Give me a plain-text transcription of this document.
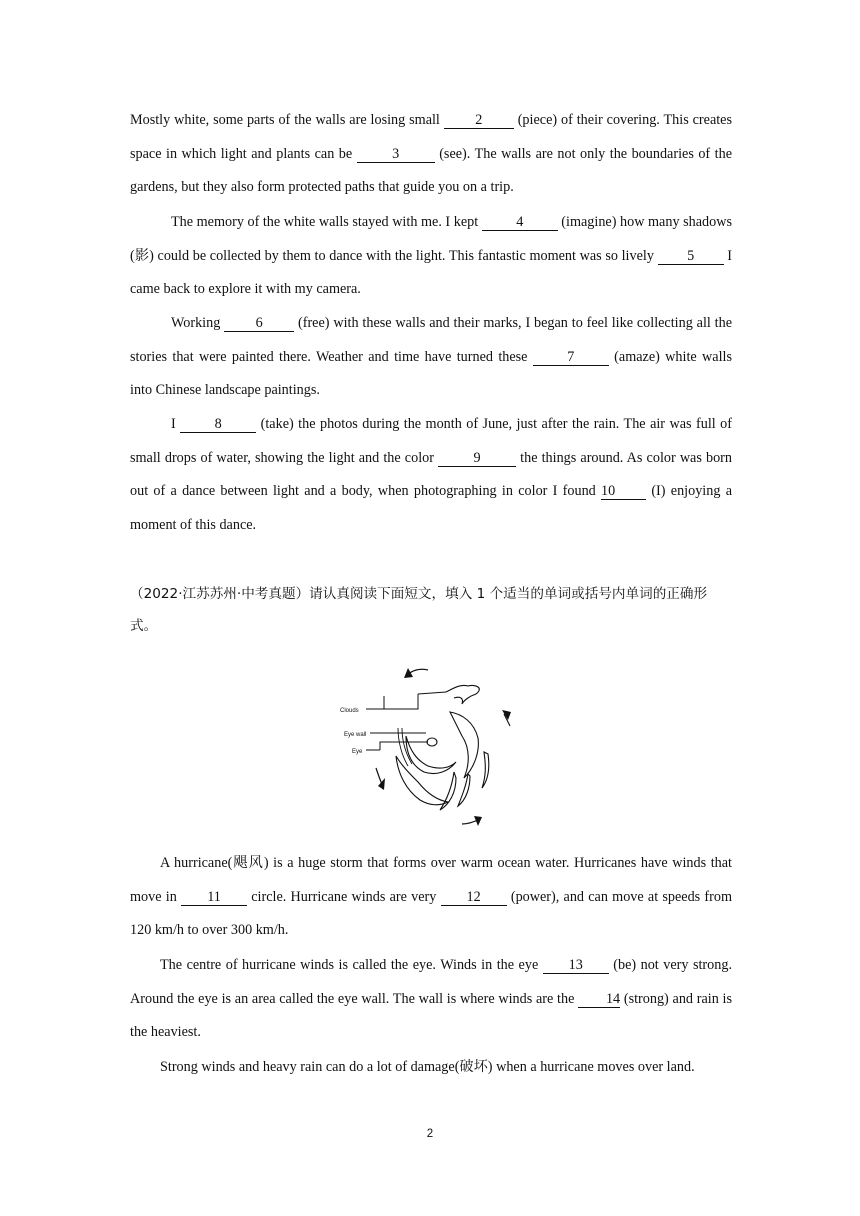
Mostly white, some parts of the walls are losing small 2 (piece) of their covering. This creates space in which light and plants can be 3 (see). The walls are not only the boundaries of the gardens, but they also form protected paths that guide you on a trip.

The memory of the white walls stayed with me. I kept 4 (imagine) how many shadows (影) could be collected by them to dance with the light. This fantastic moment was so lively 5 I came back to explore it with my camera.

Working 6 (free) with these walls and their marks, I began to feel like collecting all the stories that were painted there. Weather and time have turned these 7 (amaze) white walls into Chinese landscape paintings.

I 8 (take) the photos during the month of June, just after the rain. The air was full of small drops of water, showing the light and the color 9 the things around. As color was born out of a dance between light and a body, when photographing in color I found 10 (I) enjoying a moment of this dance.

（2022·江苏苏州·中考真题）请认真阅读下面短文，填入 1 个适当的单词或括号内单词的正确形式。

Clouds
Eye wall
Eye

A hurricane(飓风) is a huge storm that forms over warm ocean water. Hurricanes have winds that move in 11 circle. Hurricane winds are very 12 (power), and can move at speeds from 120 km/h to over 300 km/h.

The centre of hurricane winds is called the eye. Winds in the eye 13 (be) not very strong. Around the eye is an area called the eye wall. The wall is where winds are the 14 (strong) and rain is the heaviest.

Strong winds and heavy rain can do a lot of damage(破坏) when a hurricane moves over land.

2
